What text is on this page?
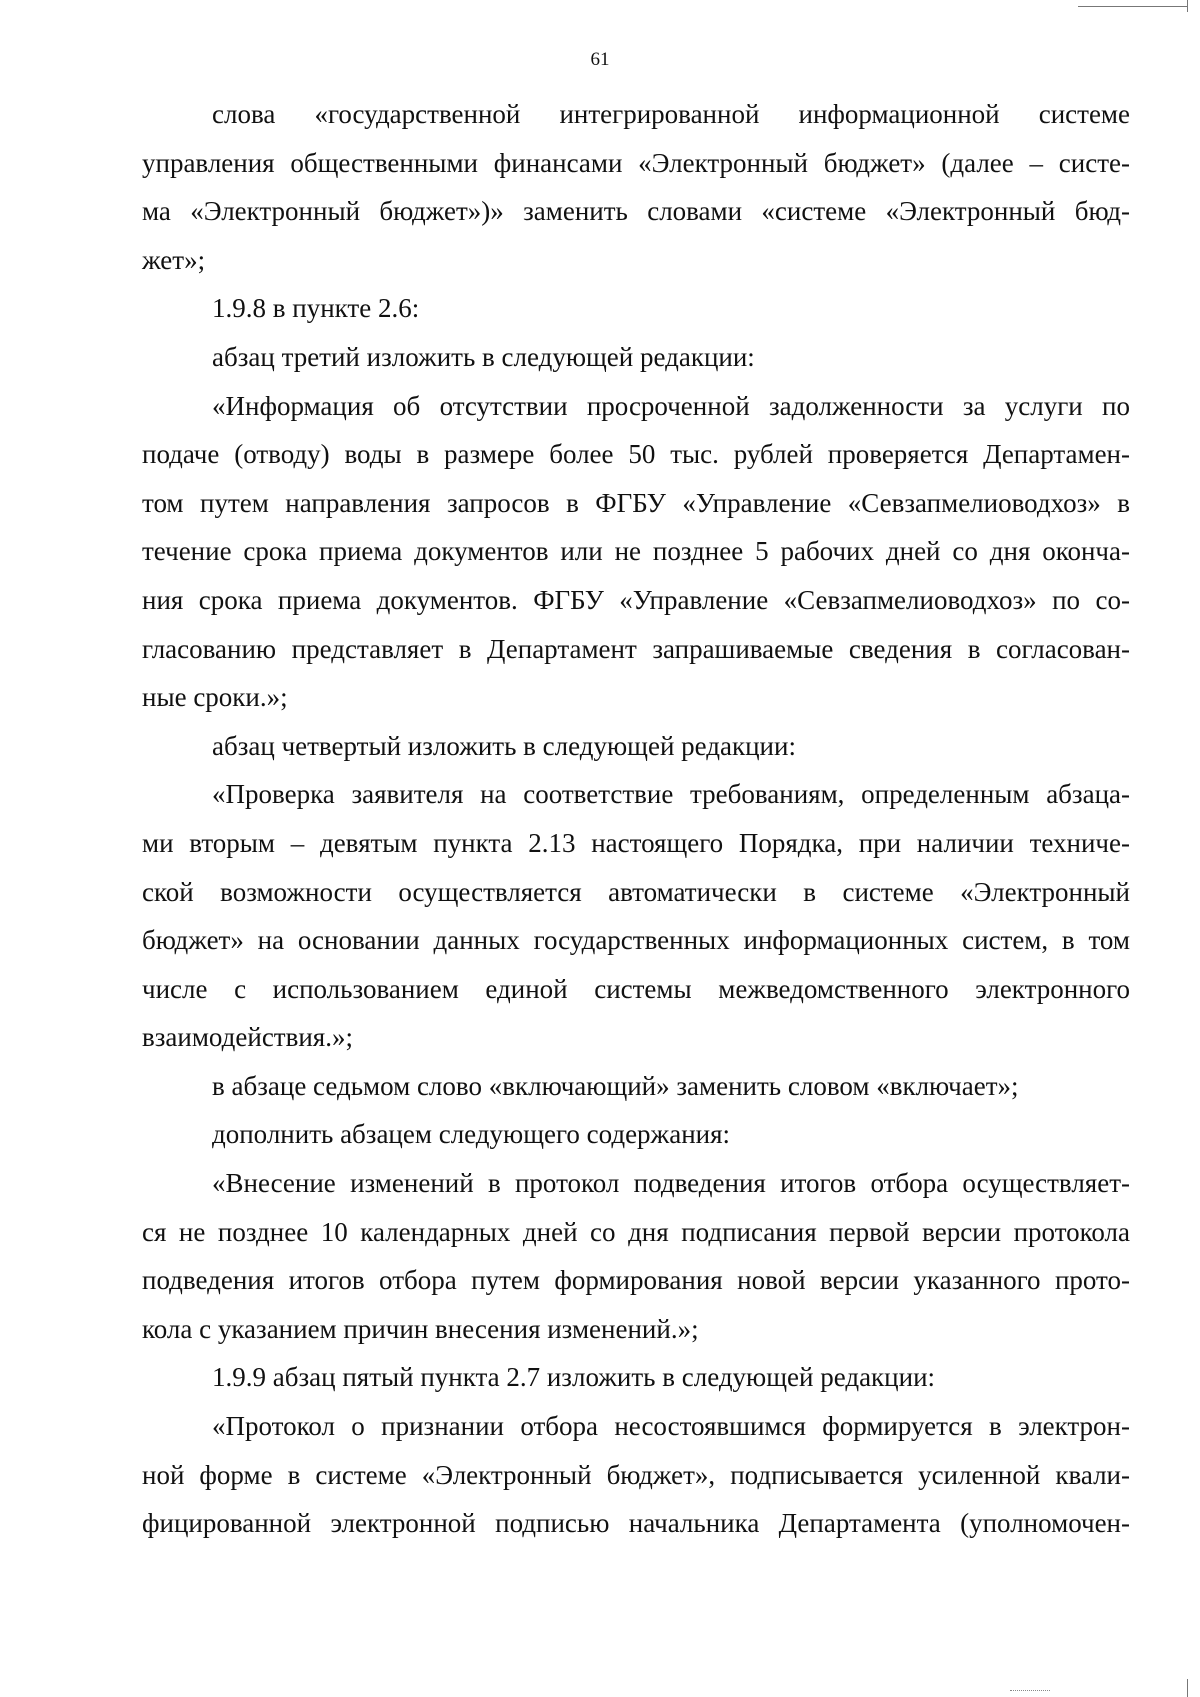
61
слова «государственной интегрированной информационной системе
управления общественными финансами «Электронный бюджет» (далее – систе-
ма «Электронный бюджет»)» заменить словами «системе «Электронный бюд-
жет»;
1.9.8 в пункте 2.6:
абзац третий изложить в следующей редакции:
«Информация об отсутствии просроченной задолженности за услуги по
подаче (отводу) воды в размере более 50 тыс. рублей проверяется Департамен-
том путем направления запросов в ФГБУ «Управление «Севзапмелиоводхоз» в
течение срока приема документов или не позднее 5 рабочих дней со дня оконча-
ния срока приема документов. ФГБУ «Управление «Севзапмелиоводхоз» по со-
гласованию представляет в Департамент запрашиваемые сведения в согласован-
ные сроки.»;
абзац четвертый изложить в следующей редакции:
«Проверка заявителя на соответствие требованиям, определенным абзаца-
ми вторым – девятым пункта 2.13 настоящего Порядка, при наличии техниче-
ской возможности осуществляется автоматически в системе «Электронный
бюджет» на основании данных государственных информационных систем, в том
числе с использованием единой системы межведомственного электронного
взаимодействия.»;
в абзаце седьмом слово «включающий» заменить словом «включает»;
дополнить абзацем следующего содержания:
«Внесение изменений в протокол подведения итогов отбора осуществляет-
ся не позднее 10 календарных дней со дня подписания первой версии протокола
подведения итогов отбора путем формирования новой версии указанного прото-
кола с указанием причин внесения изменений.»;
1.9.9 абзац пятый пункта 2.7 изложить в следующей редакции:
«Протокол о признании отбора несостоявшимся формируется в электрон-
ной форме в системе «Электронный бюджет», подписывается усиленной квали-
фицированной электронной подписью начальника Департамента (уполномочен-
